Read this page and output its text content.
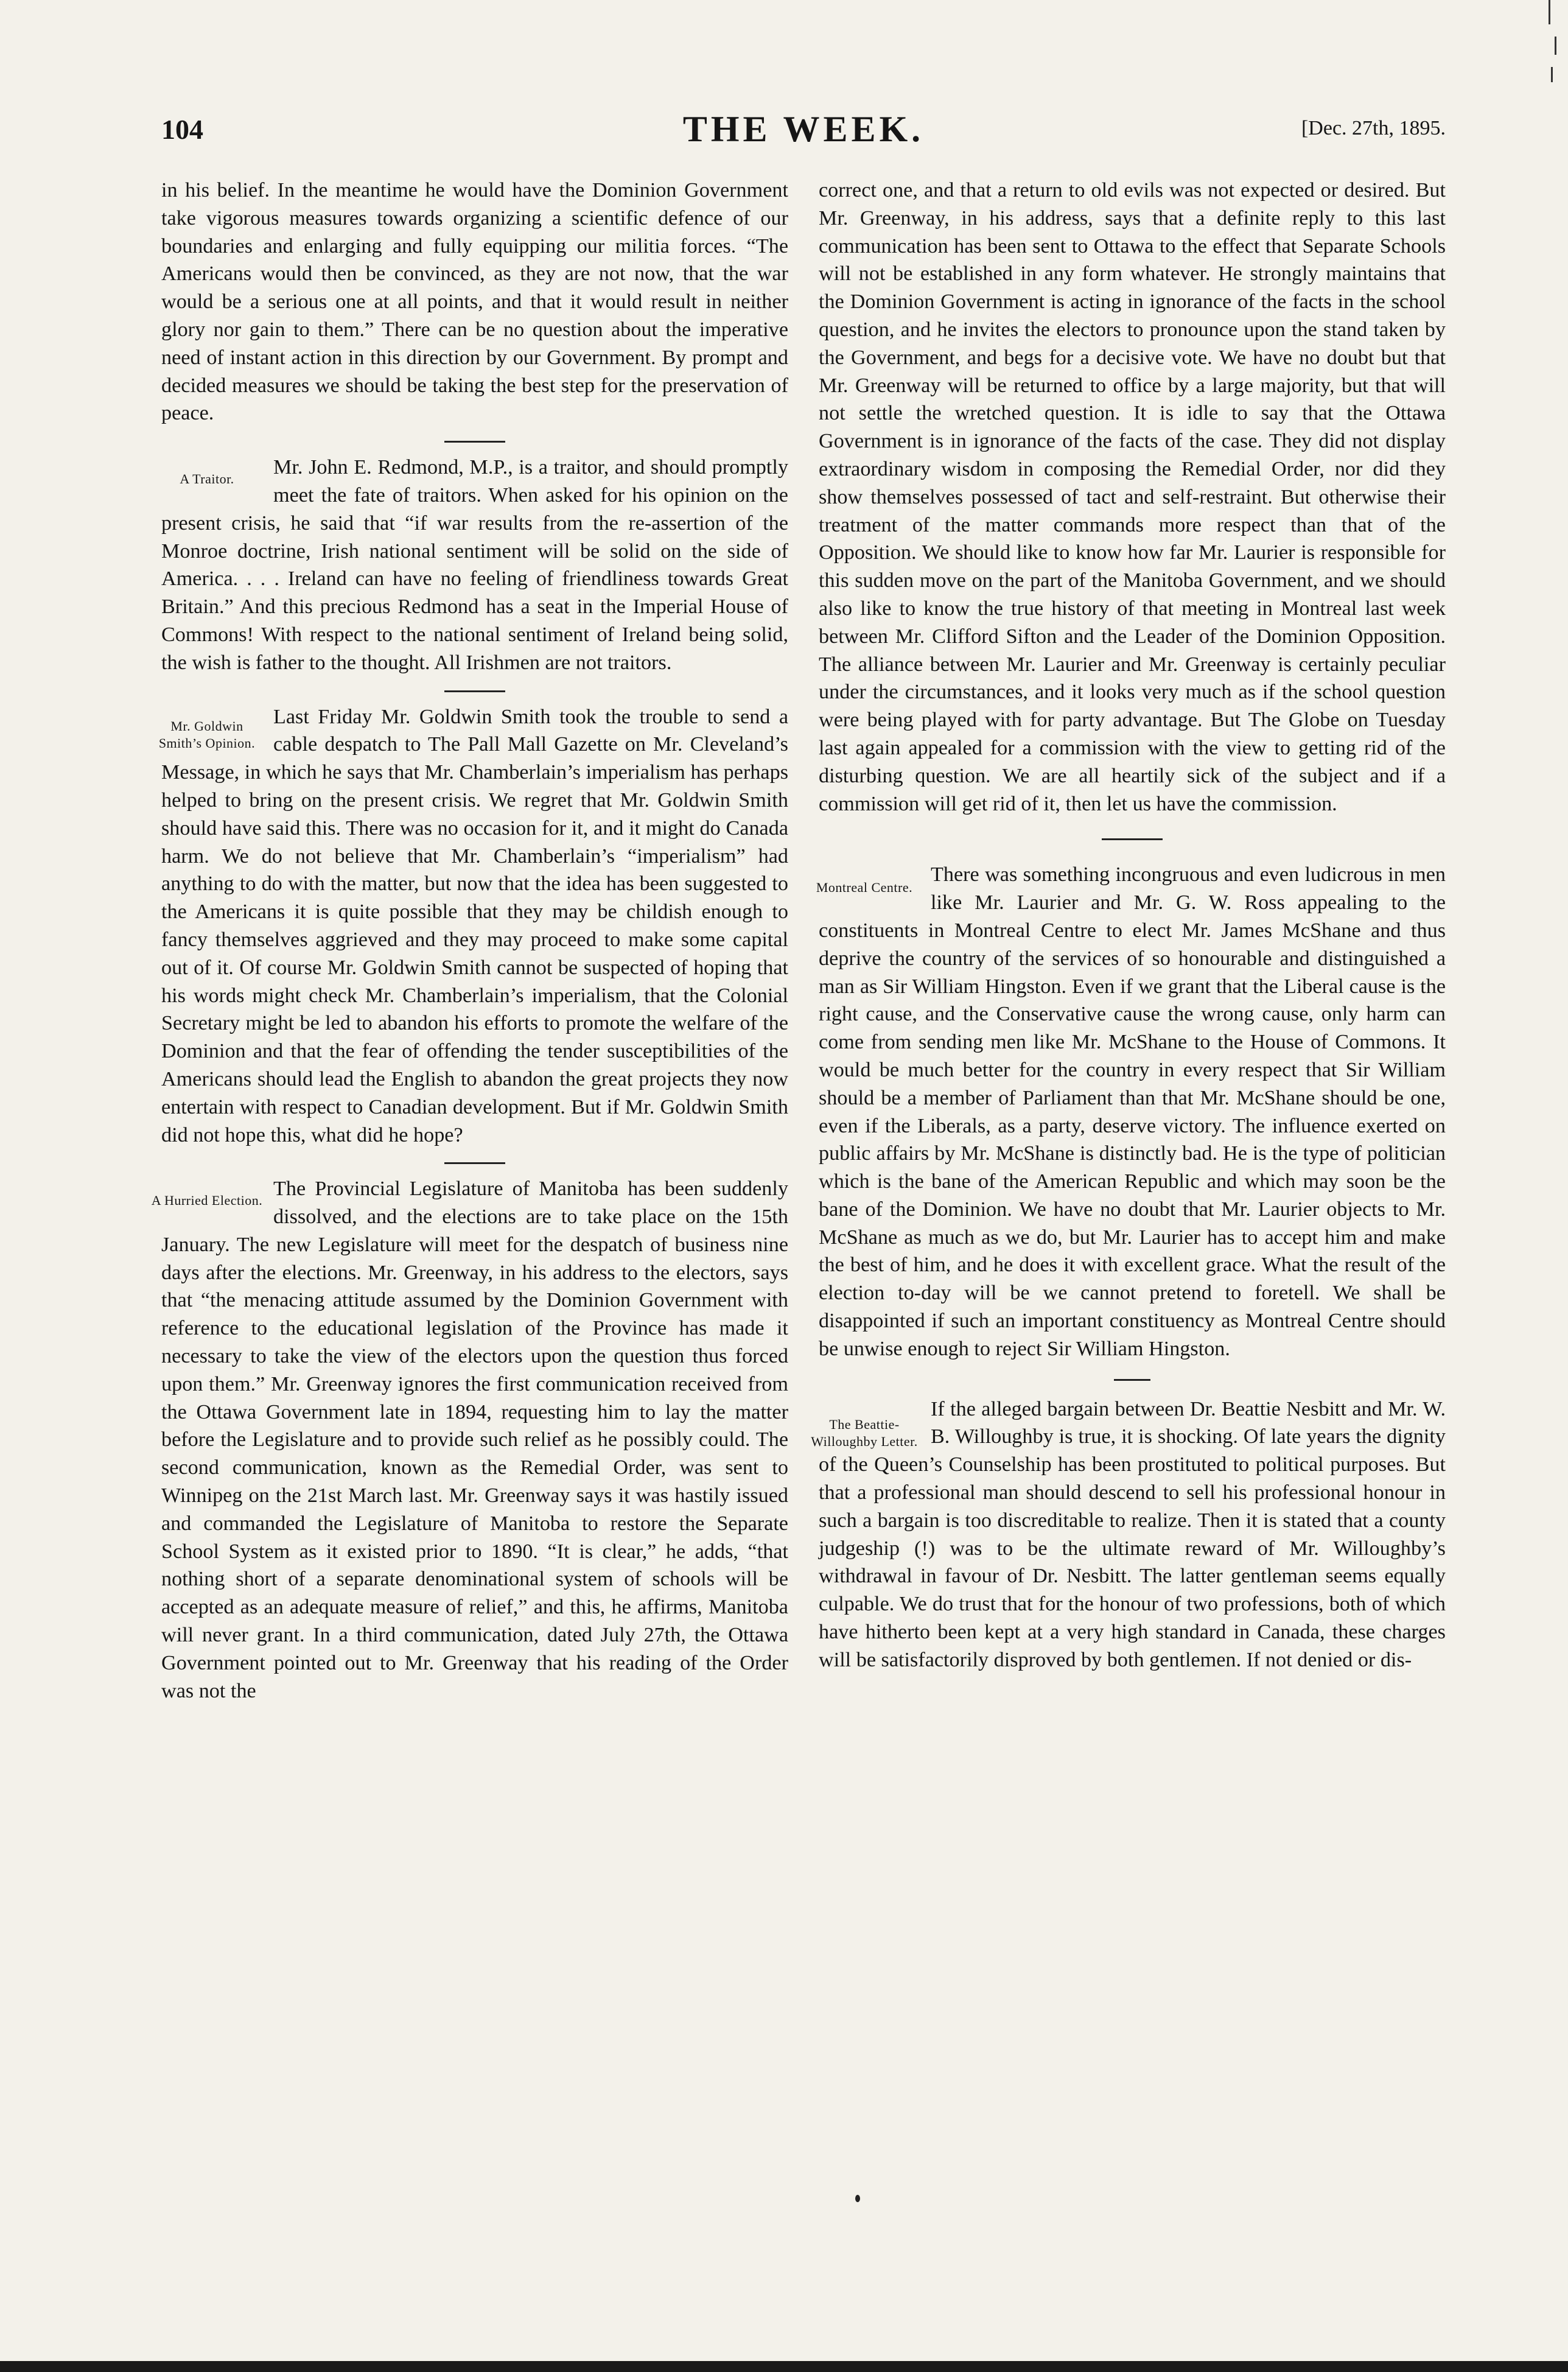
104	THE WEEK.	[Dec. 27th, 1895.

in his belief. In the meantime he would have the Dominion Government take vigorous measures towards organizing a scientific defence of our boundaries and enlarging and fully equipping our militia forces. “The Americans would then be convinced, as they are not now, that the war would be a serious one at all points, and that it would result in neither glory nor gain to them.” There can be no question about the imperative need of instant action in this direction by our Government. By prompt and decided measures we should be taking the best step for the preservation of peace.

A Traitor.

Mr. John E. Redmond, M.P., is a traitor, and should promptly meet the fate of traitors. When asked for his opinion on the present crisis, he said that “if war results from the re-assertion of the Monroe doctrine, Irish national sentiment will be solid on the side of America. . . . Ireland can have no feeling of friendliness towards Great Britain.” And this precious Redmond has a seat in the Imperial House of Commons! With respect to the national sentiment of Ireland being solid, the wish is father to the thought. All Irishmen are not traitors.

Mr. Goldwin Smith’s Opinion.

Last Friday Mr. Goldwin Smith took the trouble to send a cable despatch to The Pall Mall Gazette on Mr. Cleveland’s Message, in which he says that Mr. Chamberlain’s imperialism has perhaps helped to bring on the present crisis. We regret that Mr. Goldwin Smith should have said this. There was no occasion for it, and it might do Canada harm. We do not believe that Mr. Chamberlain’s “imperialism” had anything to do with the matter, but now that the idea has been suggested to the Americans it is quite possible that they may be childish enough to fancy themselves aggrieved and they may proceed to make some capital out of it. Of course Mr. Goldwin Smith cannot be suspected of hoping that his words might check Mr. Chamberlain’s imperialism, that the Colonial Secretary might be led to abandon his efforts to promote the welfare of the Dominion and that the fear of offending the tender susceptibilities of the Americans should lead the English to abandon the great projects they now entertain with respect to Canadian development. But if Mr. Goldwin Smith did not hope this, what did he hope?

A Hurried Election.

The Provincial Legislature of Manitoba has been suddenly dissolved, and the elections are to take place on the 15th January. The new Legislature will meet for the despatch of business nine days after the elections. Mr. Greenway, in his address to the electors, says that “the menacing attitude assumed by the Dominion Government with reference to the educational legislation of the Province has made it necessary to take the view of the electors upon the question thus forced upon them.” Mr. Greenway ignores the first communication received from the Ottawa Government late in 1894, requesting him to lay the matter before the Legislature and to provide such relief as he possibly could. The second communication, known as the Remedial Order, was sent to Winnipeg on the 21st March last. Mr. Greenway says it was hastily issued and commanded the Legislature of Manitoba to restore the Separate School System as it existed prior to 1890. “It is clear,” he adds, “that nothing short of a separate denominational system of schools will be accepted as an adequate measure of relief,” and this, he affirms, Manitoba will never grant. In a third communication, dated July 27th, the Ottawa Government pointed out to Mr. Greenway that his reading of the Order was not the

correct one, and that a return to old evils was not expected or desired. But Mr. Greenway, in his address, says that a definite reply to this last communication has been sent to Ottawa to the effect that Separate Schools will not be established in any form whatever. He strongly maintains that the Dominion Government is acting in ignorance of the facts in the school question, and he invites the electors to pronounce upon the stand taken by the Government, and begs for a decisive vote. We have no doubt but that Mr. Greenway will be returned to office by a large majority, but that will not settle the wretched question. It is idle to say that the Ottawa Government is in ignorance of the facts of the case. They did not display extraordinary wisdom in composing the Remedial Order, nor did they show themselves possessed of tact and self-restraint. But otherwise their treatment of the matter commands more respect than that of the Opposition. We should like to know how far Mr. Laurier is responsible for this sudden move on the part of the Manitoba Government, and we should also like to know the true history of that meeting in Montreal last week between Mr. Clifford Sifton and the Leader of the Dominion Opposition. The alliance between Mr. Laurier and Mr. Greenway is certainly peculiar under the circumstances, and it looks very much as if the school question were being played with for party advantage. But The Globe on Tuesday last again appealed for a commission with the view to getting rid of the disturbing question. We are all heartily sick of the subject and if a commission will get rid of it, then let us have the commission.

Montreal Centre.

There was something incongruous and even ludicrous in men like Mr. Laurier and Mr. G. W. Ross appealing to the constituents in Montreal Centre to elect Mr. James McShane and thus deprive the country of the services of so honourable and distinguished a man as Sir William Hingston. Even if we grant that the Liberal cause is the right cause, and the Conservative cause the wrong cause, only harm can come from sending men like Mr. McShane to the House of Commons. It would be much better for the country in every respect that Sir William should be a member of Parliament than that Mr. McShane should be one, even if the Liberals, as a party, deserve victory. The influence exerted on public affairs by Mr. McShane is distinctly bad. He is the type of politician which is the bane of the American Republic and which may soon be the bane of the Dominion. We have no doubt that Mr. Laurier objects to Mr. McShane as much as we do, but Mr. Laurier has to accept him and make the best of him, and he does it with excellent grace. What the result of the election to-day will be we cannot pretend to foretell. We shall be disappointed if such an important constituency as Montreal Centre should be unwise enough to reject Sir William Hingston.

The Beattie-Willoughby Letter.

If the alleged bargain between Dr. Beattie Nesbitt and Mr. W. B. Willoughby is true, it is shocking. Of late years the dignity of the Queen’s Counselship has been prostituted to political purposes. But that a professional man should descend to sell his professional honour in such a bargain is too discreditable to realize. Then it is stated that a county judgeship (!) was to be the ultimate reward of Mr. Willoughby’s withdrawal in favour of Dr. Nesbitt. The latter gentleman seems equally culpable. We do trust that for the honour of two professions, both of which have hitherto been kept at a very high standard in Canada, these charges will be satisfactorily disproved by both gentlemen. If not denied or dis-
